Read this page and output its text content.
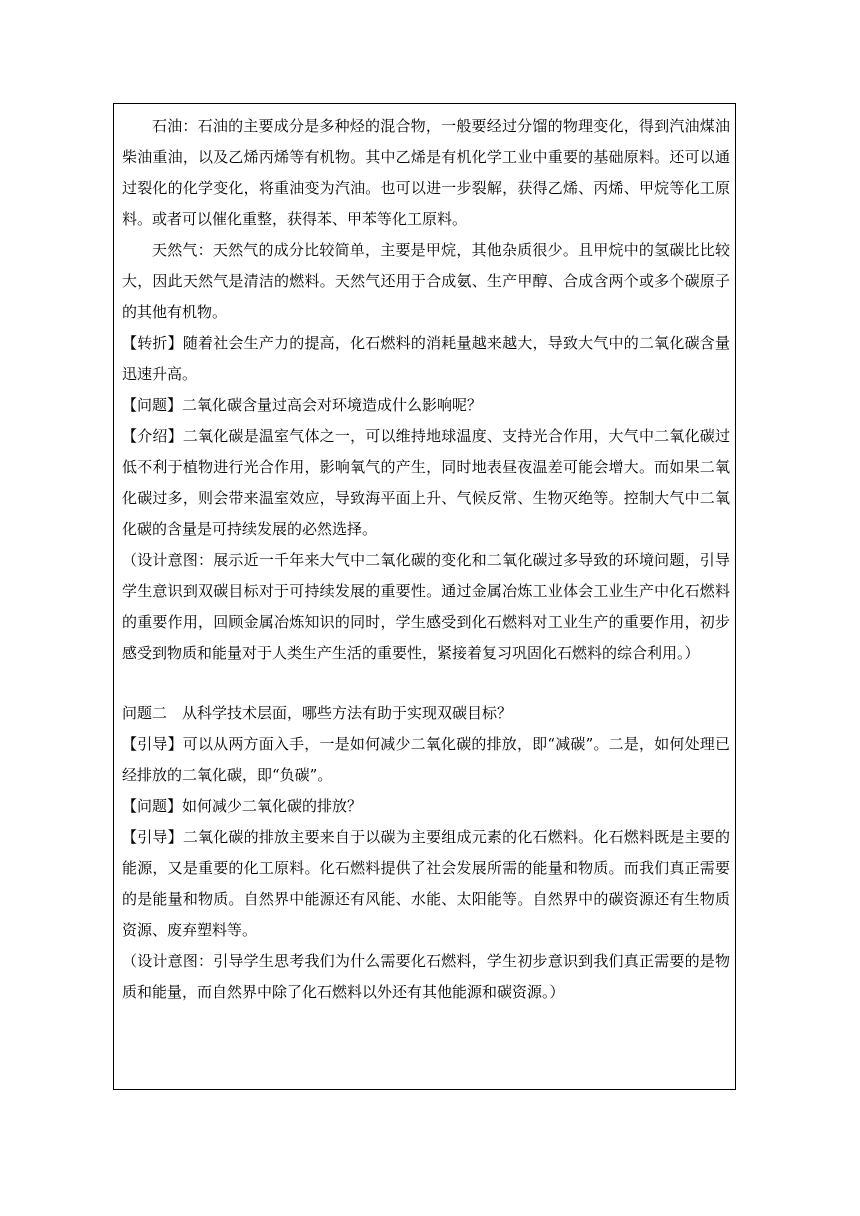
石油：石油的主要成分是多种烃的混合物，一般要经过分馏的物理变化，得到汽油煤油柴油重油，以及乙烯丙烯等有机物。其中乙烯是有机化学工业中重要的基础原料。还可以通过裂化的化学变化，将重油变为汽油。也可以进一步裂解，获得乙烯、丙烯、甲烷等化工原料。或者可以催化重整，获得苯、甲苯等化工原料。

天然气：天然气的成分比较简单，主要是甲烷，其他杂质很少。且甲烷中的氢碳比比较大，因此天然气是清洁的燃料。天然气还用于合成氨、生产甲醇、合成含两个或多个碳原子的其他有机物。

【转折】随着社会生产力的提高，化石燃料的消耗量越来越大，导致大气中的二氧化碳含量迅速升高。

【问题】二氧化碳含量过高会对环境造成什么影响呢？

【介绍】二氧化碳是温室气体之一，可以维持地球温度、支持光合作用，大气中二氧化碳过低不利于植物进行光合作用，影响氧气的产生，同时地表昼夜温差可能会增大。而如果二氧化碳过多，则会带来温室效应，导致海平面上升、气候反常、生物灭绝等。控制大气中二氧化碳的含量是可持续发展的必然选择。

（设计意图：展示近一千年来大气中二氧化碳的变化和二氧化碳过多导致的环境问题，引导学生意识到双碳目标对于可持续发展的重要性。通过金属冶炼工业体会工业生产中化石燃料的重要作用，回顾金属冶炼知识的同时，学生感受到化石燃料对工业生产的重要作用，初步感受到物质和能量对于人类生产生活的重要性，紧接着复习巩固化石燃料的综合利用。）

问题二　从科学技术层面，哪些方法有助于实现双碳目标？

【引导】可以从两方面入手，一是如何减少二氧化碳的排放，即“减碳”。二是，如何处理已经排放的二氧化碳，即“负碳”。

【问题】如何减少二氧化碳的排放？

【引导】二氧化碳的排放主要来自于以碳为主要组成元素的化石燃料。化石燃料既是主要的能源，又是重要的化工原料。化石燃料提供了社会发展所需的能量和物质。而我们真正需要的是能量和物质。自然界中能源还有风能、水能、太阳能等。自然界中的碳资源还有生物质资源、废弃塑料等。

（设计意图：引导学生思考我们为什么需要化石燃料，学生初步意识到我们真正需要的是物质和能量，而自然界中除了化石燃料以外还有其他能源和碳资源。）
